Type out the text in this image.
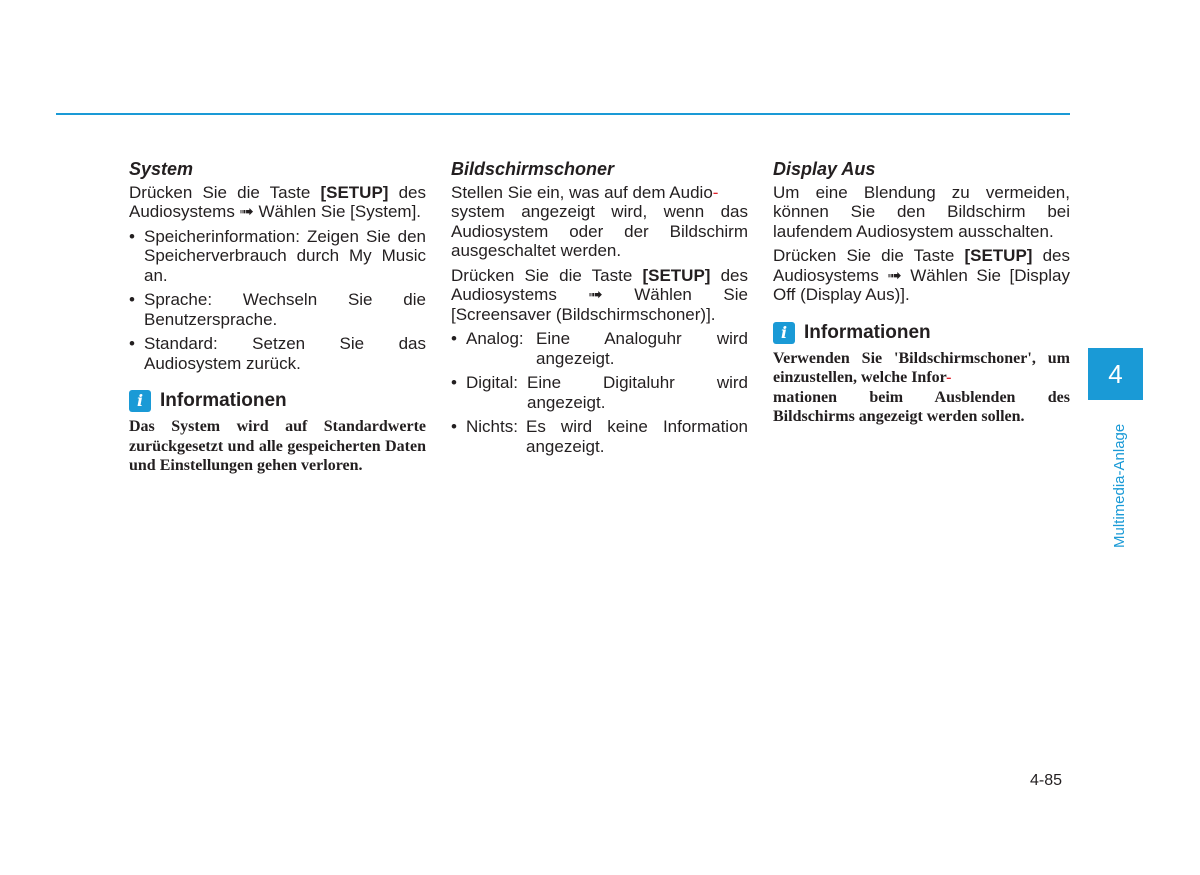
System

Drücken Sie die Taste [SETUP] des Audiosystems ➟ Wählen Sie [System].

• Speicherinformation: Zeigen Sie den Speicherverbrauch durch My Music an.
• Sprache: Wechseln Sie die Benutzersprache.
• Standard: Setzen Sie das Audiosystem zurück.
i Informationen

Das System wird auf Standardwerte zurückgesetzt und alle gespeicherten Daten und Einstellungen gehen verloren.

Bildschirmschoner

Stellen Sie ein, was auf dem Audio-
system angezeigt wird, wenn das Audiosystem oder der Bildschirm ausgeschaltet werden.

Drücken Sie die Taste [SETUP] des Audiosystems ➟ Wählen Sie [Screensaver (Bildschirmschoner)].

• Analog: Eine Analoguhr wird angezeigt.
• Digital: Eine Digitaluhr wird angezeigt.
• Nichts: Es wird keine Information angezeigt.
Display Aus

Um eine Blendung zu vermeiden, können Sie den Bildschirm bei laufendem Audiosystem ausschalten.

Drücken Sie die Taste [SETUP] des Audiosystems ➟ Wählen Sie [Display Off (Display Aus)].

i Informationen

Verwenden Sie 'Bildschirmschoner', um einzustellen, welche Infor-
mationen beim Ausblenden des Bildschirms angezeigt werden sollen.

4
Multimedia-Anlage
4-85
